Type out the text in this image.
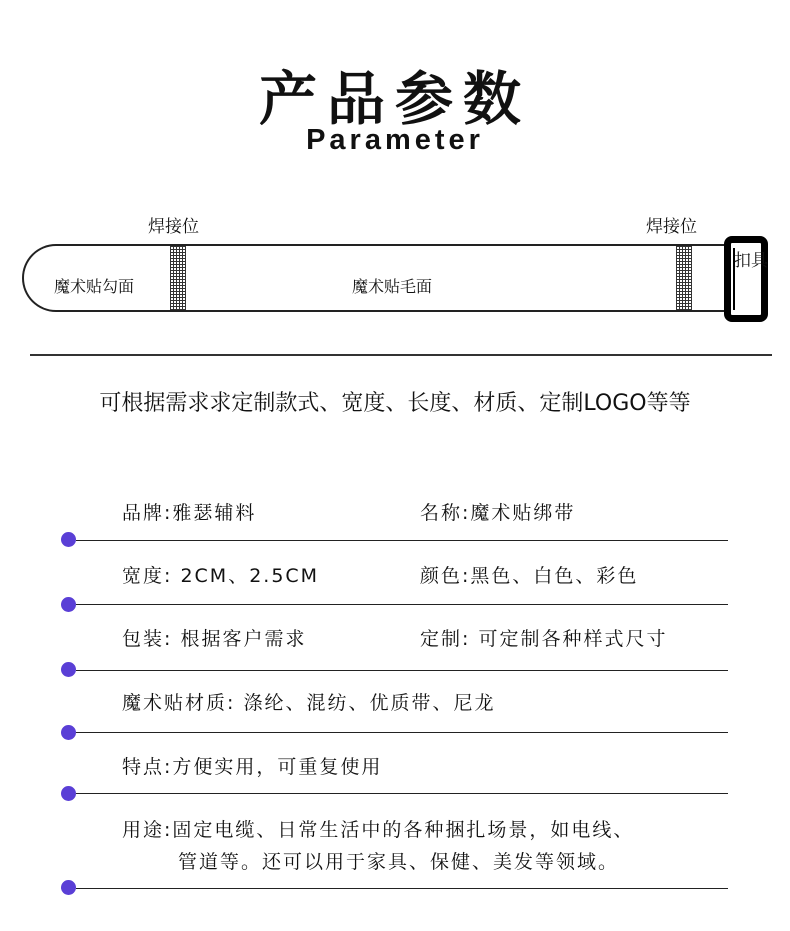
产品参数
Parameter
焊接位	焊接位
魔术贴勾面	魔术贴毛面
扣具
可根据需求求定制款式、宽度、长度、材质、定制LOGO等等
品牌:雅瑟辅料	名称:魔术贴绑带
宽度: 2CM、2.5CM	颜色:黑色、白色、彩色
包装: 根据客户需求	定制: 可定制各种样式尺寸
魔术贴材质: 涤纶、混纺、优质带、尼龙
特点:方便实用，可重复使用
用途:固定电缆、日常生活中的各种捆扎场景，如电线、
管道等。还可以用于家具、保健、美发等领域。
